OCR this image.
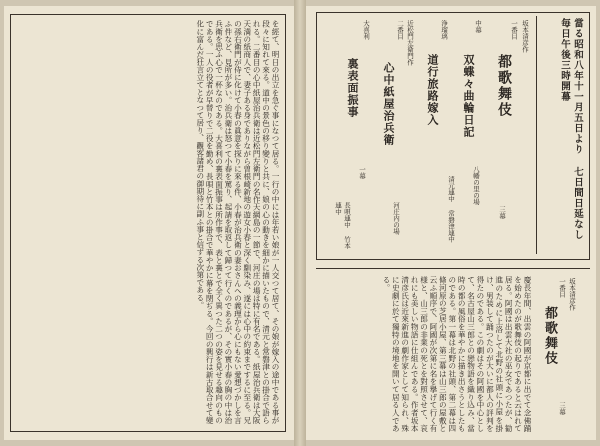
を經て、明日の出立を急ぐ事になつて居る。一行の中には年若い娘が一人交つて居て、その娘が嫁入の途中である事が段々に知れて來る。道中の景色の移り變りと共に、娘の心の動きを細かに描いたもので、清元と常磐津との掛合で語られる。二番目の心中紙屋治兵衛は近松門左衛門の名作天網島の一節で、河庄の場は特に有名である。紙屋治兵衛は大阪天満の紙商人で、妻子ある身でありながら曽根崎新地の遊女小春と深く馴染み、遂には心中の約束までするに至る。兄の孫右衛門が侍に化けて小春の眞意を探りに來る件、小春が治兵衛の妻おさんへの義理から心にもない愛想づかしを言ふ件など、見所が多い。治兵衛は怒つて小春を罵り、起請を取返して歸つて行くのであるが、その實小春の胸の中は治兵衛を思ふ心で一杯なのである。大喜利の裏表面振事は所作事で、表と裏とで全く異つた二つの姿を見せる趣向のものである。一人の役者が早替りで二役を勤め、長唄と竹本との掛合で華やかに幕を閉ぢる。今回の興行は新古取合せて變化に富んだ狂言立てとなつて居り、觀客諸君の御期待に副ふ事と信ずる次第である。	當る昭和八年十一月五日より 七日間日延なし 毎日午後三時開幕
坂本清彦作
一番目
都歌舞伎
三幕
中幕
双蝶々曲輪日記
八幡の里の場
浄瑠璃
道行旅路嫁入
清元連中 常磐津連中
近松門左衛門作
二番目
心中紙屋治兵衛
河庄内の場
大喜利
裏表面振事
一幕
長唄連中 竹本連中
坂本清彦作
一番目
都歌舞伎
三幕
慶長年間、出雲の阿國が京都に出でて念佛踊を始めたのが歌舞伎の起りであると云はれて居る。阿國は出雲大社の巫女であつたが、勧進のために上洛して北野の社頭に小屋を掛け、男装して踊つたのが大いに都人の評判を得たのである。この劇はその阿國を中心として、名古屋山三郎との戀物語を織り込み、當時の都の風俗を華やかに描き出さうとしたものである。第一幕は北野の社頭、第二幕は四條河原の芝居小屋、第三幕は山三郎の屋敷と云ふ順序で、阿國が次第に名を擧げて行く有様と、山三郎の非業の死とを對照させて、哀れにも美しい物語に仕組んである。作者坂本清彦氏は近來新進の劇作家として知られ、殊に史劇に於て獨特の境地を開いて居る人である。
